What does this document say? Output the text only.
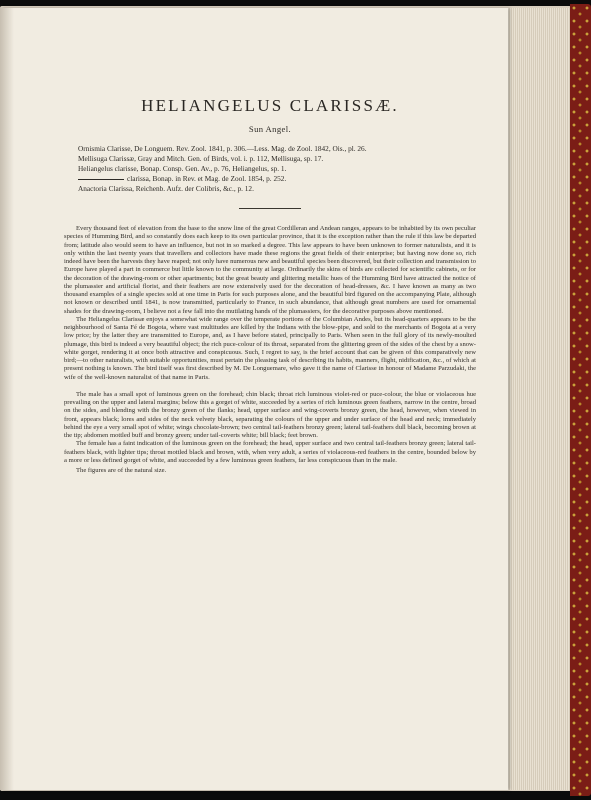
HELIANGELUS CLARISSÆ.
Sun Angel.

Ornismia Clarisse, De Longuem. Rev. Zool. 1841, p. 306.—Less. Mag. de Zool. 1842, Ois., pl. 26.

Mellisuga Clarissæ, Gray and Mitch. Gen. of Birds, vol. i. p. 112, Mellisuga, sp. 17.

Heliangelus clarisse, Bonap. Consp. Gen. Av., p. 76, Heliangelus, sp. 1.

clarissa, Bonap. in Rev. et Mag. de Zool. 1854, p. 252.

Anactoria Clarissa, Reichenb. Aufz. der Colibris, &c., p. 12.

Every thousand feet of elevation from the base to the snow line of the great Cordilleran and Andean ranges, appears to be inhabited by its own peculiar species of Humming Bird, and so constantly does each keep to its own particular province, that it is the exception rather than the rule if this law be departed from; latitude also would seem to have an influence, but not in so marked a degree. This law appears to have been unknown to former naturalists, and it is only within the last twenty years that travellers and collectors have made these regions the great fields of their enterprise; but having now done so, rich indeed have been the harvests they have reaped; not only have numerous new and beautiful species been discovered, but their collection and transmission to Europe have played a part in commerce but little known to the community at large. Ordinarily the skins of birds are collected for scientific cabinets, or for the decoration of the drawing-room or other apartments; but the great beauty and glittering metallic hues of the Humming Bird have attracted the notice of the plumassier and artificial florist, and their feathers are now extensively used for the decoration of head-dresses, &c. I have known as many as two thousand examples of a single species sold at one time in Paris for such purposes alone, and the beautiful bird figured on the accompanying Plate, although not known or described until 1841, is now transmitted, particularly to France, in such abundance, that although great numbers are used for ornamental shades for the drawing-room, I believe not a few fall into the mutilating hands of the plumassiers, for the decorative purposes above mentioned.

The Heliangelus Clarissæ enjoys a somewhat wide range over the temperate portions of the Columbian Andes, but its head-quarters appears to be the neighbourhood of Santa Fé de Bogota, where vast multitudes are killed by the Indians with the blow-pipe, and sold to the merchants of Bogota at a very low price; by the latter they are transmitted to Europe, and, as I have before stated, principally to Paris. When seen in the full glory of its newly-moulted plumage, this bird is indeed a very beautiful object; the rich puce-colour of its throat, separated from the glittering green of the sides of the chest by a snow-white gorget, rendering it at once both attractive and conspicuous. Such, I regret to say, is the brief account that can be given of this comparatively new bird;—to other naturalists, with suitable opportunities, must pertain the pleasing task of describing its habits, manners, flight, nidification, &c., of which at present nothing is known. The bird itself was first described by M. De Longuemare, who gave it the name of Clarisse in honour of Madame Parzudaki, the wife of the well-known naturalist of that name in Paris.

The male has a small spot of luminous green on the forehead; chin black; throat rich luminous violet-red or puce-colour, the blue or violaceous hue prevailing on the upper and lateral margins; below this a gorget of white, succeeded by a series of rich luminous green feathers, narrow in the centre, broad on the sides, and blending with the bronzy green of the flanks; head, upper surface and wing-coverts bronzy green, the head, however, when viewed in front, appears black; lores and sides of the neck velvety black, separating the colours of the upper and under surface of the head and neck; immediately behind the eye a very small spot of white; wings chocolate-brown; two central tail-feathers bronzy green; lateral tail-feathers dull black, becoming brown at the tip; abdomen mottled buff and bronzy green; under tail-coverts white; bill black; feet brown.

The female has a faint indication of the luminous green on the forehead; the head, upper surface and two central tail-feathers bronzy green; lateral tail-feathers black, with lighter tips; throat mottled black and brown, with, when very adult, a series of violaceous-red feathers in the centre, bounded below by a more or less defined gorget of white, and succeeded by a few luminous green feathers, far less conspicuous than in the male.

The figures are of the natural size.
